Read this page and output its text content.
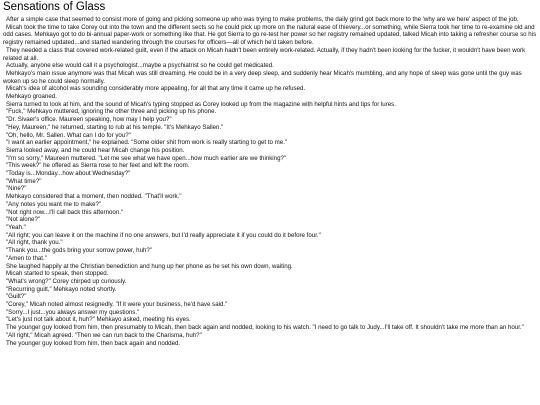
Sensations of Glass

After a simple case that seemed to consist more of going and picking someone up who was trying to make problems, the daily grind got back more to the 'why are we here' aspect of the job.

Micah took the time to take Corey out into the town and the different sects so he could pick up more on the natural ease of thievery...or something, while Sierra took her time to re-examine old and odd cases. Mehkayo got to do bi-annual paper-work or something like that. He got Sierra to go re-test her power so her registry remained updated, talked Micah into taking a refresher course so his registry remained updated...and started wandering through the courses for officers—all of which he'd taken before.

They needed a class that covered work-related guilt, even if the attack on Micah hadn't been entirely work-related. Actually, if they hadn't been looking for the fucker, it wouldn't have been work related at all.

Actually, anyone else would call it a psychologist...maybe a psychiatrist so he could get medicated.

Mehkayo's main issue anymore was that Micah was still dreaming. He could be in a very deep sleep, and suddenly hear Micah's mumbling, and any hope of sleep was gone until the guy was woken up so he could sleep normally.

Micah's idea of alcohol was sounding considerably more appealing, for all that any time it came up he refused.

Mehkayo groaned.

Sierra turned to look at him, and the sound of Micah's typing stopped as Corey looked up from the magazine with helpful hints and tips for lures.

"Fuck," Mehkayo muttered, ignoring the other three and picking up his phone.

"Dr. Sivaer's office. Maureen speaking, how may I help you?"

"Hey, Maureen," he returned, starting to rub at his temple. "It's Mehkayo Sallen."

"Oh, hello, Mr. Sallen. What can I do for you?"

"I want an earlier appointment," he explained. "Some older shit from work is really starting to get to me."

Sierra looked away, and he could hear Micah change his position.

"I'm so sorry," Maureen muttered. "Let me see what we have open...how much earlier are we thinking?"

"This week?" he offered as Sierra rose to her feet and left the room.

"Today is...Monday...how about Wednesday?"

"What time?"

"Nine?"

Mehkayo considered that a moment, then nodded. "That'll work."

"Any notes you want me to make?"

"Not right now...I'll call back this afternoon."

"Not alone?"

"Yeah."

"All right; you can leave it on the machine if no one answers, but I'd really appreciate it if you could do it before four."

"All right, thank you."

"Thank you...the gods bring your sorrow power, huh?"

"Amen to that."

She laughed happily at the Christian benediction and hung up her phone as he set his own down, waiting.

Micah started to speak, then stopped.

"What's wrong?" Corey chirped up curiously.

"Recurring guilt," Mehkayo noted shortly.

"Guilt?"

"Corey," Micah noted almost resignedly. "If it were your business, he'd have said."

"Sorry...I just...you always answer my questions."

"Let's just not talk about it, huh?" Mehkayo asked, meeting his eyes.

The younger guy looked from him, then presumably to Micah, then back again and nodded, looking to his watch. "I need to go talk to Judy...I'll take off. It shouldn't take me more than an hour."

"All right," Micah agreed. "Then we can run back to the Charisma, huh?"

The younger guy looked from him, then back again and nodded.
